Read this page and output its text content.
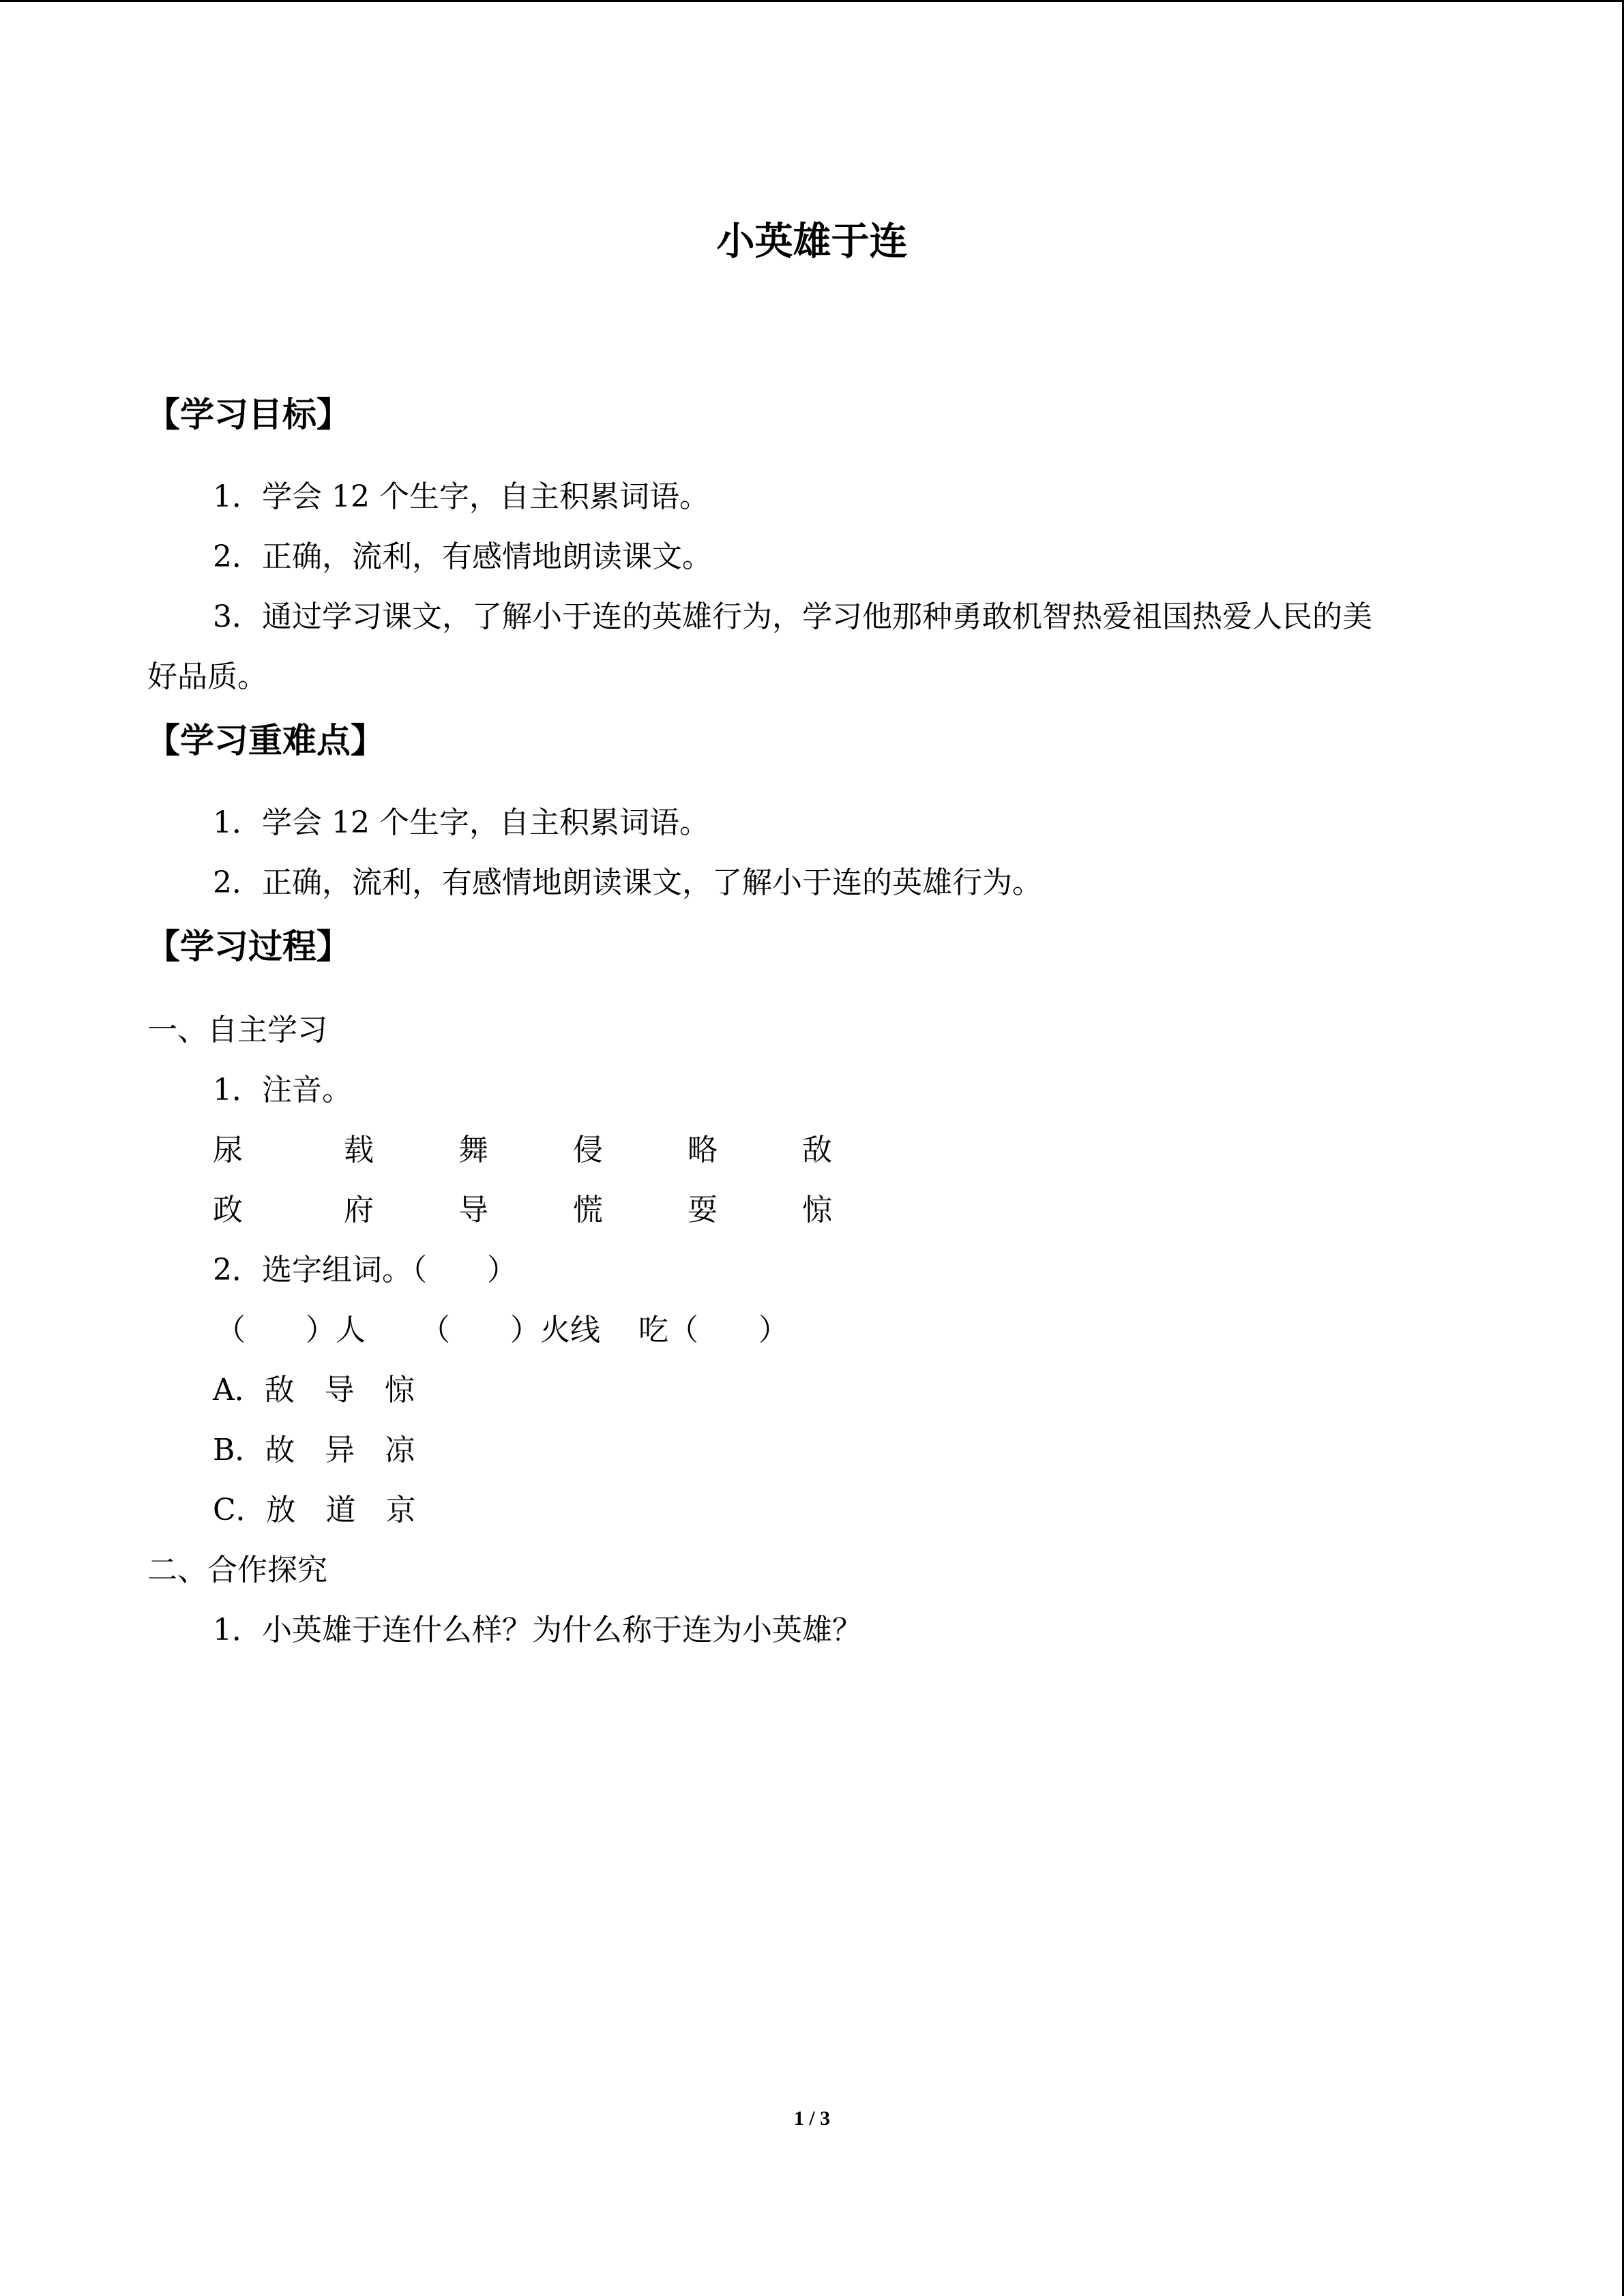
小英雄于连
【学习目标】
1．学会 12 个生字，自主积累词语。
2．正确，流利，有感情地朗读课文。
3．通过学习课文，了解小于连的英雄行为，学习他那种勇敢机智热爱祖国热爱人民的美
好品质。
【学习重难点】
1．学会 12 个生字，自主积累词语。
2．正确，流利，有感情地朗读课文，了解小于连的英雄行为。
【学习过程】
一、自主学习
1．注音。
尿	载	舞	侵	略	敌
政	府	导	慌	耍	惊
2．选字组词。（　　）
（　　）人 （　　）火线 吃（　　）
A．敌　导　惊
B．故　异　凉
C．放　道　京
二、合作探究
1．小英雄于连什么样？为什么称于连为小英雄？
1 / 3
